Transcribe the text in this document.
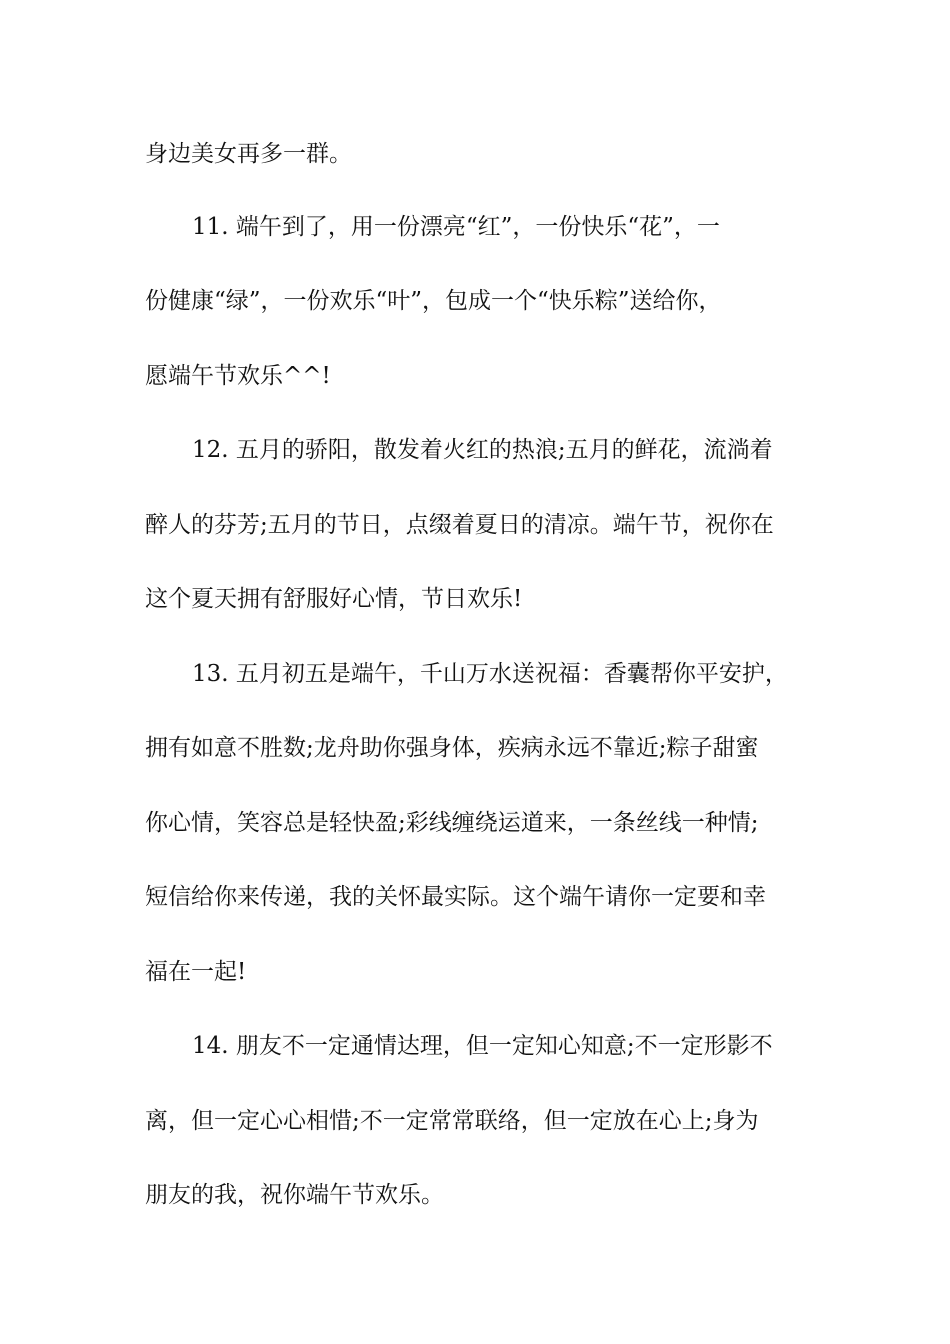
身边美女再多一群。
11. 端午到了，用一份漂亮“红”，一份快乐“花”，一
份健康“绿”，一份欢乐“叶”，包成一个“快乐粽”送给你，
愿端午节欢乐^^!
12. 五月的骄阳，散发着火红的热浪;五月的鲜花，流淌着
醉人的芬芳;五月的节日，点缀着夏日的清凉。端午节，祝你在
这个夏天拥有舒服好心情，节日欢乐!
13. 五月初五是端午，千山万水送祝福：香囊帮你平安护，
拥有如意不胜数;龙舟助你强身体，疾病永远不靠近;粽子甜蜜
你心情，笑容总是轻快盈;彩线缠绕运道来，一条丝线一种情;
短信给你来传递，我的关怀最实际。这个端午请你一定要和幸
福在一起!
14. 朋友不一定通情达理，但一定知心知意;不一定形影不
离，但一定心心相惜;不一定常常联络，但一定放在心上;身为
朋友的我，祝你端午节欢乐。
